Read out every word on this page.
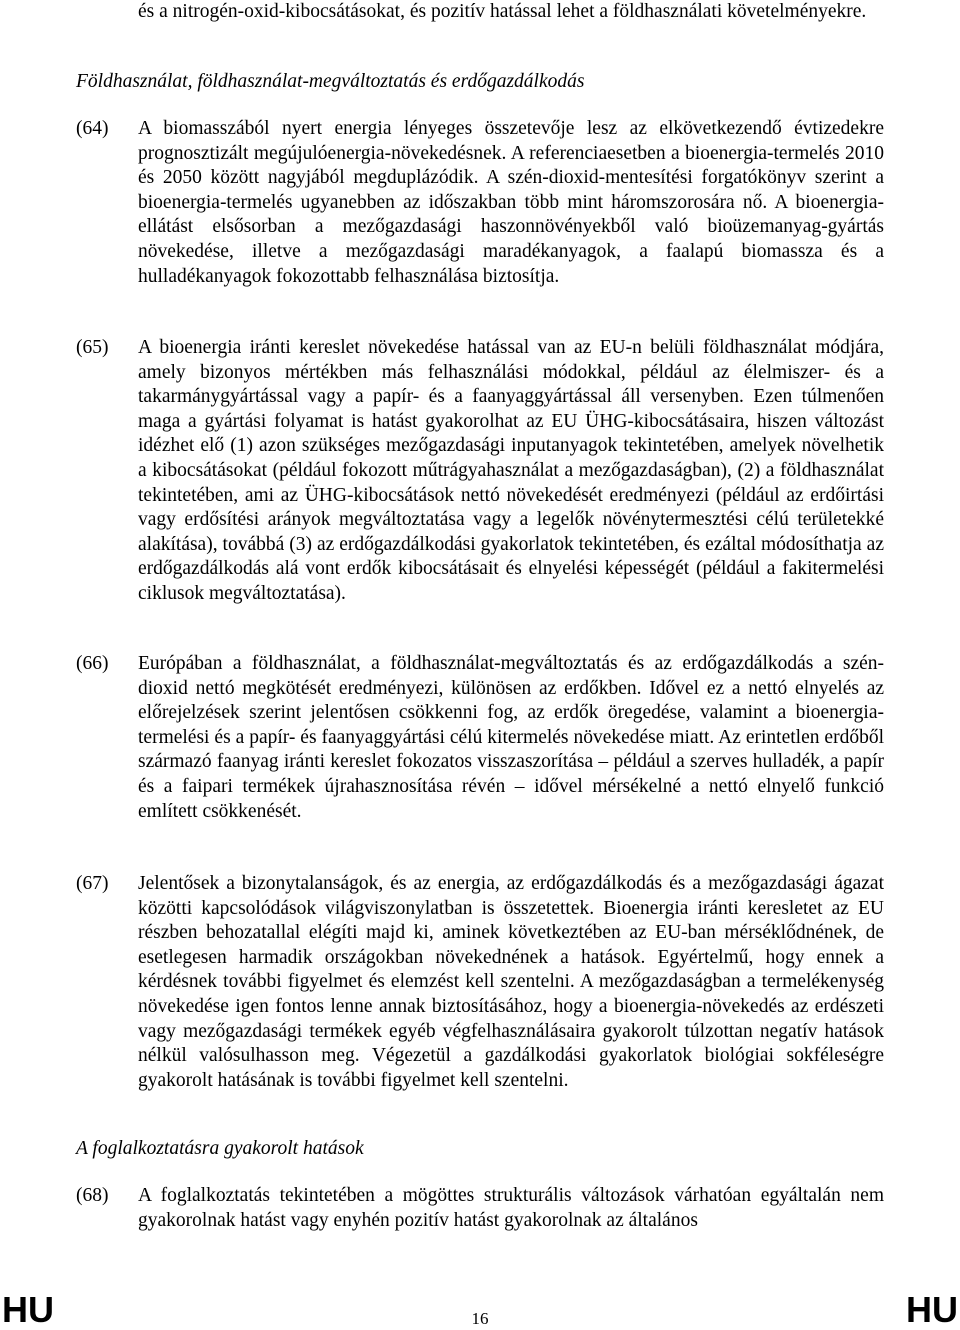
és a nitrogén-oxid-kibocsátásokat, és pozitív hatással lehet a földhasználati követelményekre.
Földhasználat, földhasználat-megváltoztatás és erdőgazdálkodás
(64) A biomasszából nyert energia lényeges összetevője lesz az elkövetkezendő évtizedekre prognosztizált megújulóenergia-növekedésnek. A referenciaesetben a bioenergia-termelés 2010 és 2050 között nagyjából megduplázódik. A szén-dioxid-mentesítési forgatókönyv szerint a bioenergia-termelés ugyanebben az időszakban több mint háromszorosára nő. A bioenergia-ellátást elsősorban a mezőgazdasági haszonnövényekből való bioüzemanyag-gyártás növekedése, illetve a mezőgazdasági maradékanyagok, a faalapú biomassza és a hulladékanyagok fokozottabb felhasználása biztosítja.
(65) A bioenergia iránti kereslet növekedése hatással van az EU-n belüli földhasználat módjára, amely bizonyos mértékben más felhasználási módokkal, például az élelmiszer- és a takarmánygyártással vagy a papír- és a faanyaggyártással áll versenyben. Ezen túlmenően maga a gyártási folyamat is hatást gyakorolhat az EU ÜHG-kibocsátásaira, hiszen változást idézhet elő (1) azon szükséges mezőgazdasági inputanyagok tekintetében, amelyek növelhetik a kibocsátásokat (például fokozott műtrágyahasználat a mezőgazdaságban), (2) a földhasználat tekintetében, ami az ÜHG-kibocsátások nettó növekedését eredményezi (például az erdőirtási vagy erdősítési arányok megváltoztatása vagy a legelők növénytermesztési célú területekké alakítása), továbbá (3) az erdőgazdálkodási gyakorlatok tekintetében, és ezáltal módosíthatja az erdőgazdálkodás alá vont erdők kibocsátásait és elnyelési képességét (például a fakitermelési ciklusok megváltoztatása).
(66) Európában a földhasználat, a földhasználat-megváltoztatás és az erdőgazdálkodás a szén-dioxid nettó megkötését eredményezi, különösen az erdőkben. Idővel ez a nettó elnyelés az előrejelzések szerint jelentősen csökkenni fog, az erdők öregedése, valamint a bioenergia-termelési és a papír- és faanyaggyártási célú kitermelés növekedése miatt. Az erintetlen erdőből származó faanyag iránti kereslet fokozatos visszaszorítása – például a szerves hulladék, a papír és a faipari termékek újrahasznosítása révén – idővel mérsékelné a nettó elnyelő funkció említett csökkenését.
(67) Jelentősek a bizonytalanságok, és az energia, az erdőgazdálkodás és a mezőgazdasági ágazat közötti kapcsolódások világviszonylatban is összetettek. Bioenergia iránti keresletet az EU részben behozatallal elégíti majd ki, aminek következtében az EU-ban mérséklődnének, de esetlegesen harmadik országokban növekednének a hatások. Egyértelmű, hogy ennek a kérdésnek további figyelmet és elemzést kell szentelni. A mezőgazdaságban a termelékenység növekedése igen fontos lenne annak biztosításához, hogy a bioenergia-növekedés az erdészeti vagy mezőgazdasági termékek egyéb végfelhasználásaira gyakorolt túlzottan negatív hatások nélkül valósulhasson meg. Végezetül a gazdálkodási gyakorlatok biológiai sokféleségre gyakorolt hatásának is további figyelmet kell szentelni.
A foglalkoztatásra gyakorolt hatások
(68) A foglalkoztatás tekintetében a mögöttes strukturális változások várhatóan egyáltalán nem gyakorolnak hatást vagy enyhén pozitív hatást gyakorolnak az általános
HU	16	HU
